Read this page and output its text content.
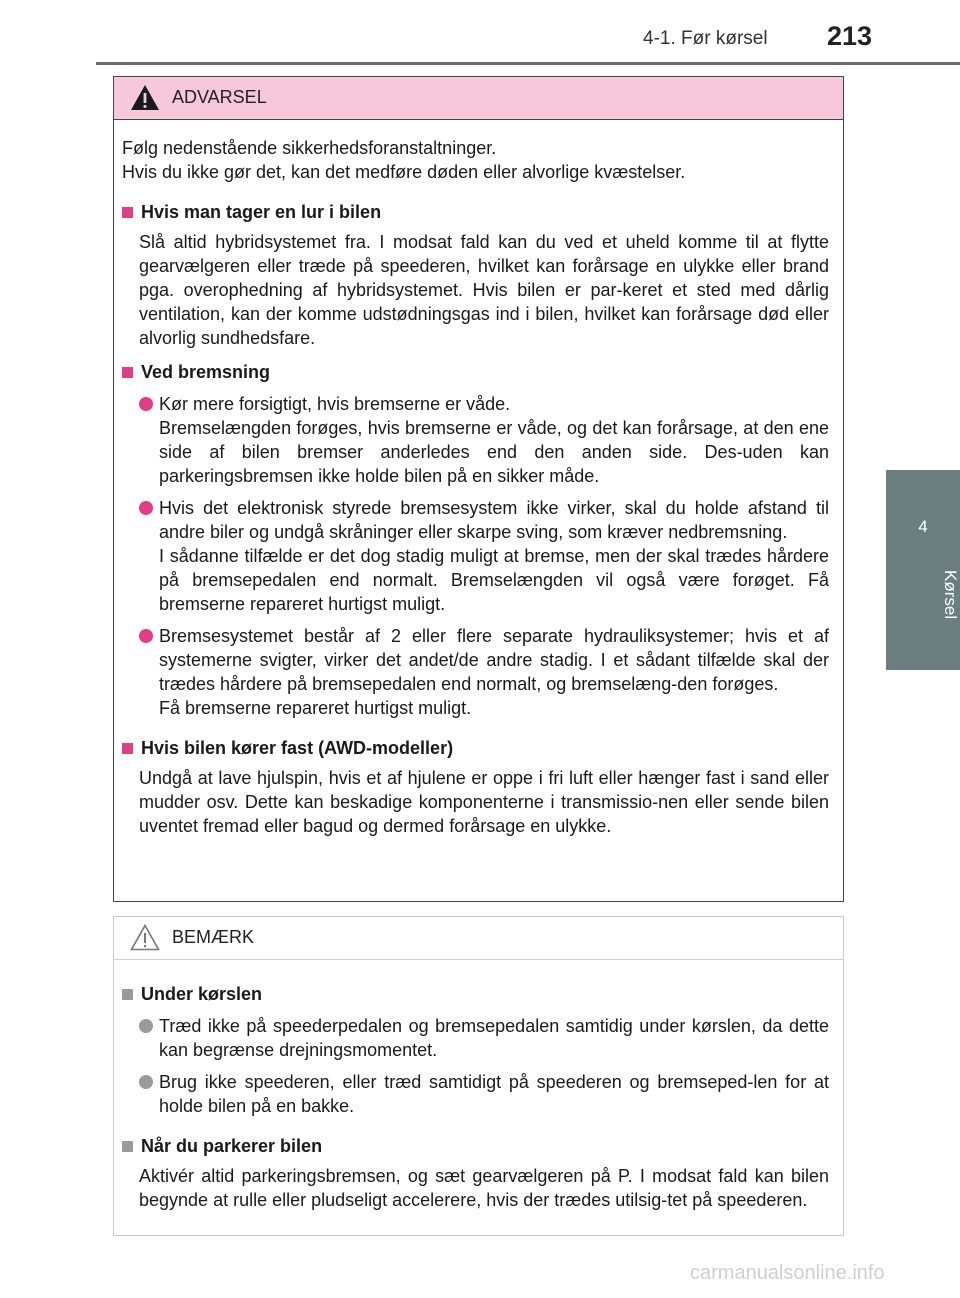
4-1. Før kørsel 213
4
Kørsel
ADVARSEL
Følg nedenstående sikkerhedsforanstaltninger.
Hvis du ikke gør det, kan det medføre døden eller alvorlige kvæstelser.
Hvis man tager en lur i bilen
Slå altid hybridsystemet fra. I modsat fald kan du ved et uheld komme til at flytte gearvælgeren eller træde på speederen, hvilket kan forårsage en ulykke eller brand pga. overophedning af hybridsystemet. Hvis bilen er par-keret et sted med dårlig ventilation, kan der komme udstødningsgas ind i bilen, hvilket kan forårsage død eller alvorlig sundhedsfare.
Ved bremsning
Kør mere forsigtigt, hvis bremserne er våde.
Bremselængden forøges, hvis bremserne er våde, og det kan forårsage, at den ene side af bilen bremser anderledes end den anden side. Des-uden kan parkeringsbremsen ikke holde bilen på en sikker måde.
Hvis det elektronisk styrede bremsesystem ikke virker, skal du holde afstand til andre biler og undgå skråninger eller skarpe sving, som kræver nedbremsning.
I sådanne tilfælde er det dog stadig muligt at bremse, men der skal trædes hårdere på bremsepedalen end normalt. Bremselængden vil også være forøget. Få bremserne repareret hurtigst muligt.
Bremsesystemet består af 2 eller flere separate hydrauliksystemer; hvis et af systemerne svigter, virker det andet/de andre stadig. I et sådant tilfælde skal der trædes hårdere på bremsepedalen end normalt, og bremselæng-den forøges.
Få bremserne repareret hurtigst muligt.
Hvis bilen kører fast (AWD-modeller)
Undgå at lave hjulspin, hvis et af hjulene er oppe i fri luft eller hænger fast i sand eller mudder osv. Dette kan beskadige komponenterne i transmissio-nen eller sende bilen uventet fremad eller bagud og dermed forårsage en ulykke.
BEMÆRK
Under kørslen
Træd ikke på speederpedalen og bremsepedalen samtidig under kørslen, da dette kan begrænse drejningsmomentet.
Brug ikke speederen, eller træd samtidigt på speederen og bremseped-len for at holde bilen på en bakke.
Når du parkerer bilen
Aktivér altid parkeringsbremsen, og sæt gearvælgeren på P. I modsat fald kan bilen begynde at rulle eller pludseligt accelerere, hvis der trædes utilsig-tet på speederen.
carmanualsonline.info
